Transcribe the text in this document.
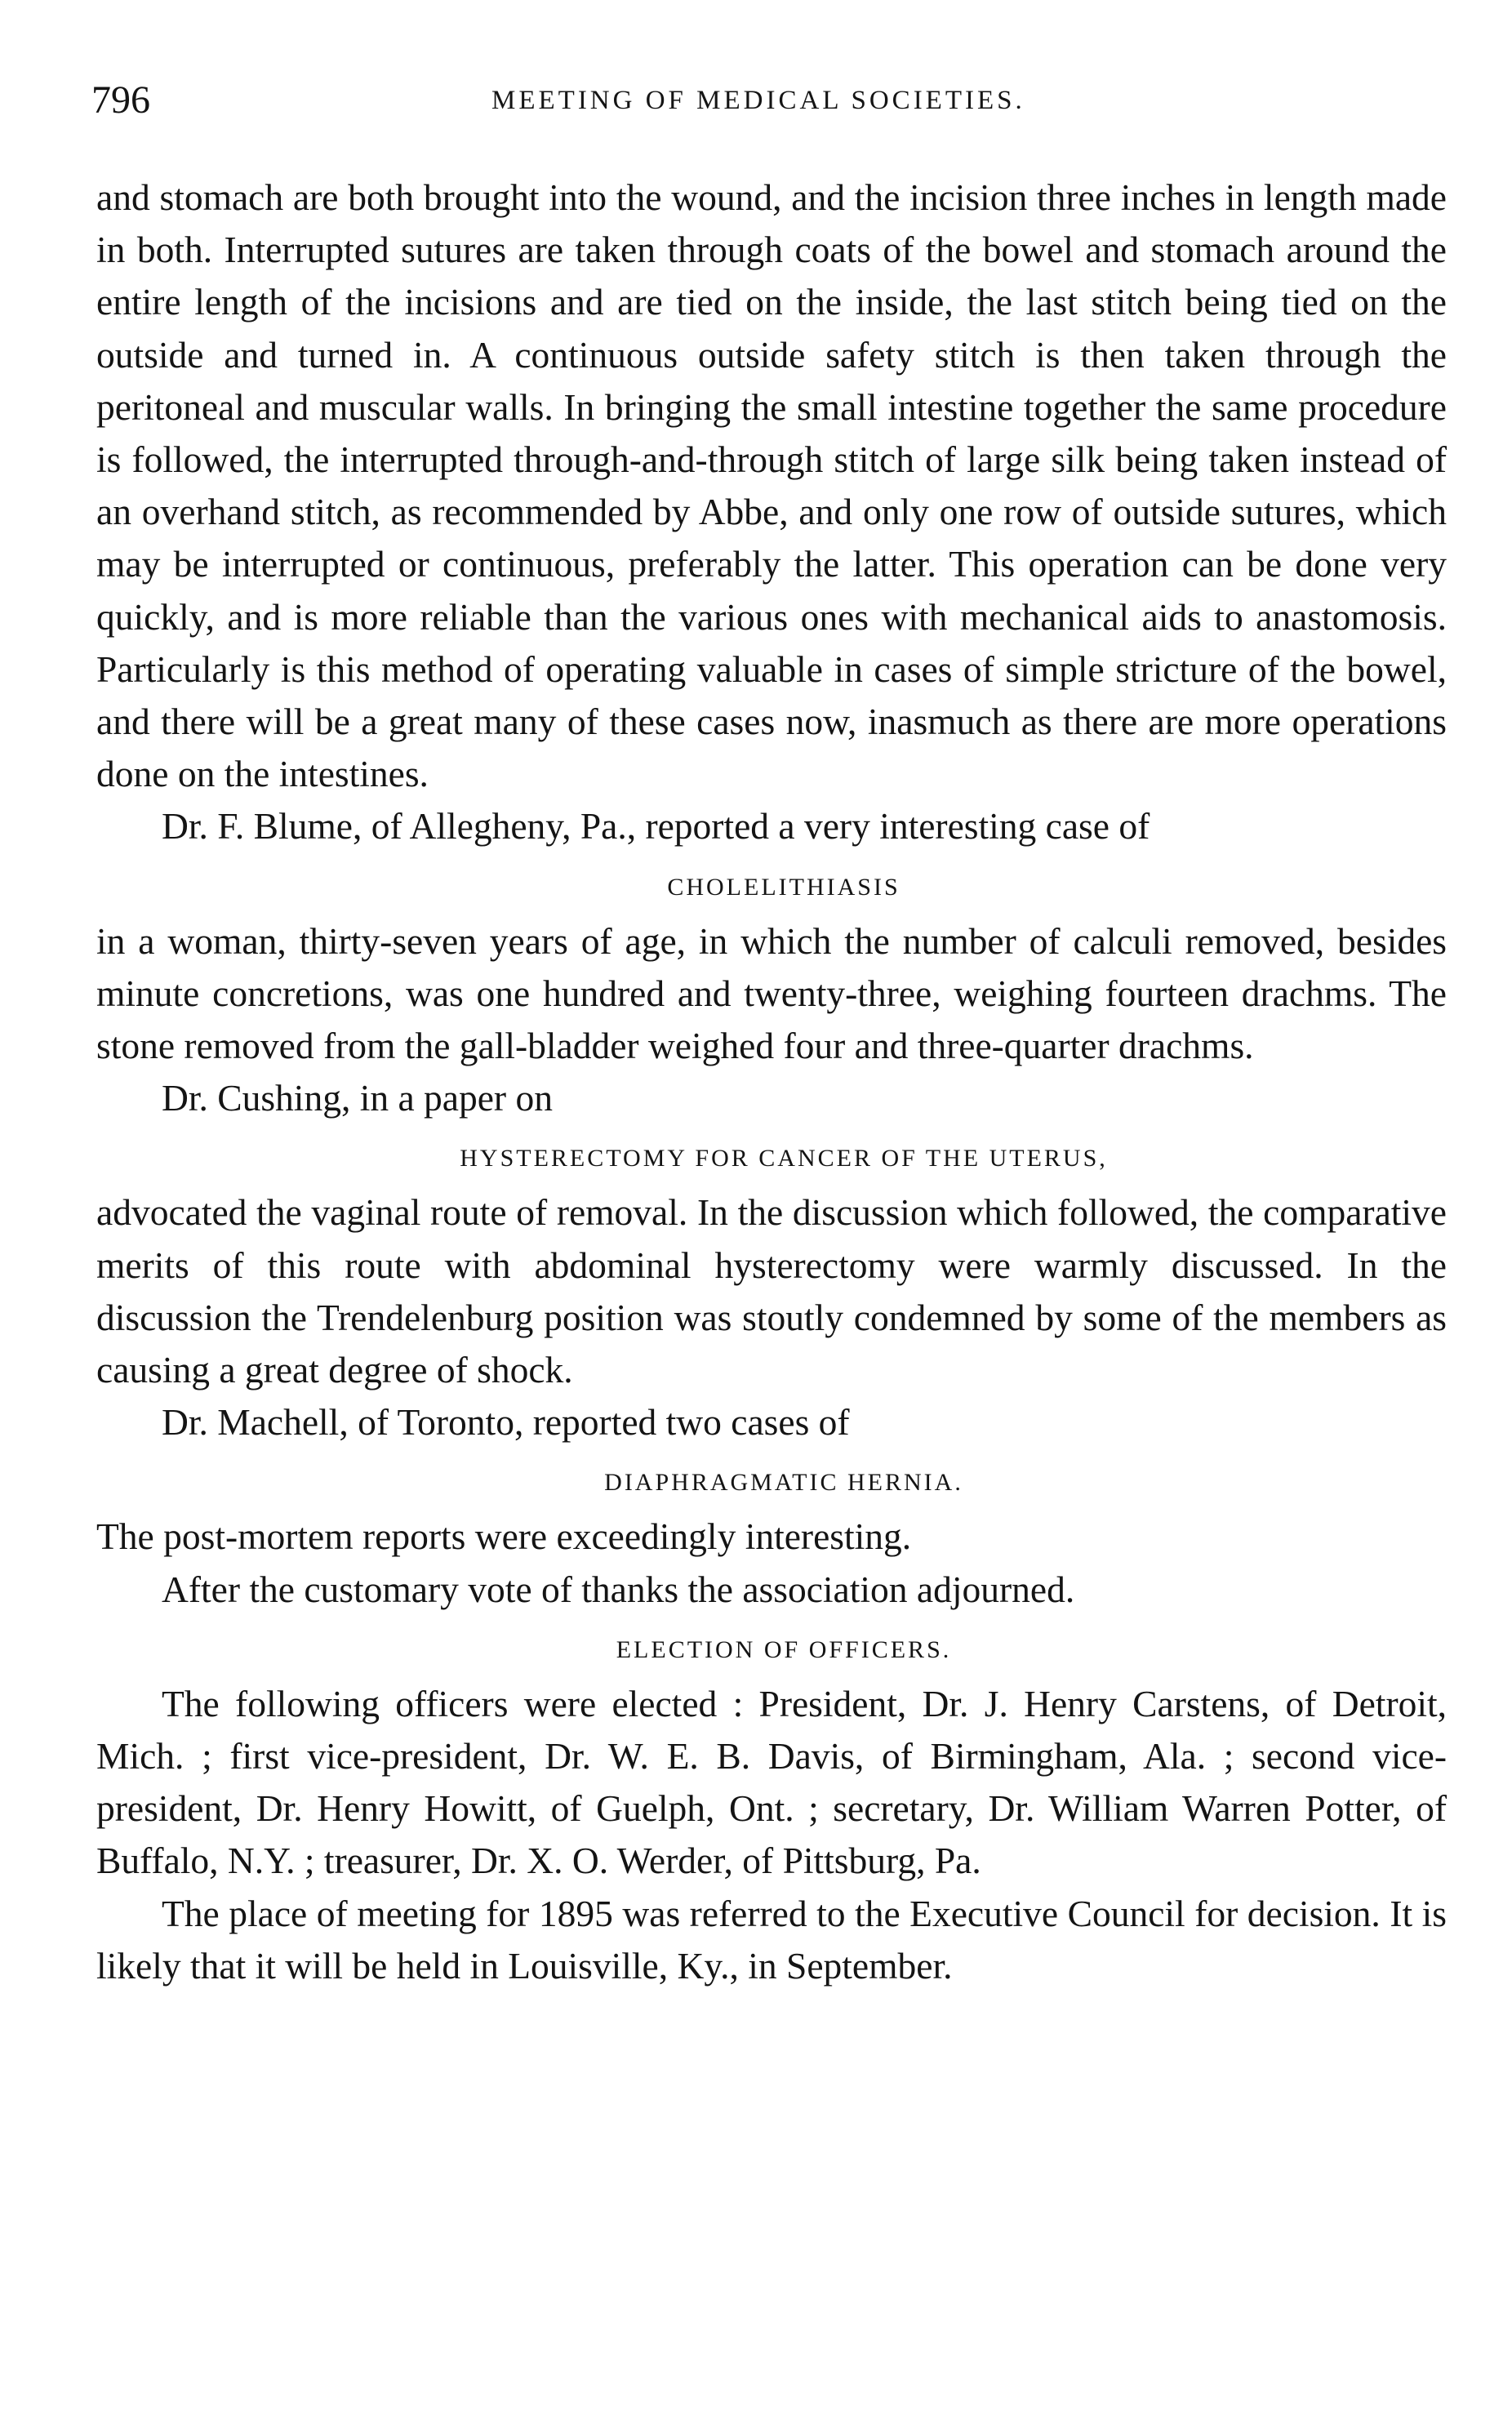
796	MEETING OF MEDICAL SOCIETIES.

and stomach are both brought into the wound, and the incision three inches in length made in both. Interrupted sutures are taken through coats of the bowel and stomach around the entire length of the incisions and are tied on the inside, the last stitch being tied on the outside and turned in. A continuous outside safety stitch is then taken through the peritoneal and muscular walls. In bringing the small intestine together the same procedure is followed, the interrupted through-and-through stitch of large silk being taken instead of an overhand stitch, as recommended by Abbe, and only one row of outside sutures, which may be interrupted or continuous, preferably the latter. This operation can be done very quickly, and is more reliable than the various ones with mechanical aids to anastomosis. Particularly is this method of operating valuable in cases of simple stricture of the bowel, and there will be a great many of these cases now, inasmuch as there are more operations done on the intestines.

Dr. F. Blume, of Allegheny, Pa., reported a very interesting case of

CHOLELITHIASIS

in a woman, thirty-seven years of age, in which the number of calculi removed, besides minute concretions, was one hundred and twenty-three, weighing fourteen drachms. The stone removed from the gall-bladder weighed four and three-quarter drachms.

Dr. Cushing, in a paper on

HYSTERECTOMY FOR CANCER OF THE UTERUS,

advocated the vaginal route of removal. In the discussion which followed, the comparative merits of this route with abdominal hysterectomy were warmly discussed. In the discussion the Trendelenburg position was stoutly condemned by some of the members as causing a great degree of shock.

Dr. Machell, of Toronto, reported two cases of

DIAPHRAGMATIC HERNIA.

The post-mortem reports were exceedingly interesting.

After the customary vote of thanks the association adjourned.

ELECTION OF OFFICERS.

The following officers were elected : President, Dr. J. Henry Carstens, of Detroit, Mich. ; first vice-president, Dr. W. E. B. Davis, of Birmingham, Ala. ; second vice-president, Dr. Henry Howitt, of Guelph, Ont. ; secretary, Dr. William Warren Potter, of Buffalo, N.Y. ; treasurer, Dr. X. O. Werder, of Pittsburg, Pa.

The place of meeting for 1895 was referred to the Executive Council for decision. It is likely that it will be held in Louisville, Ky., in September.
